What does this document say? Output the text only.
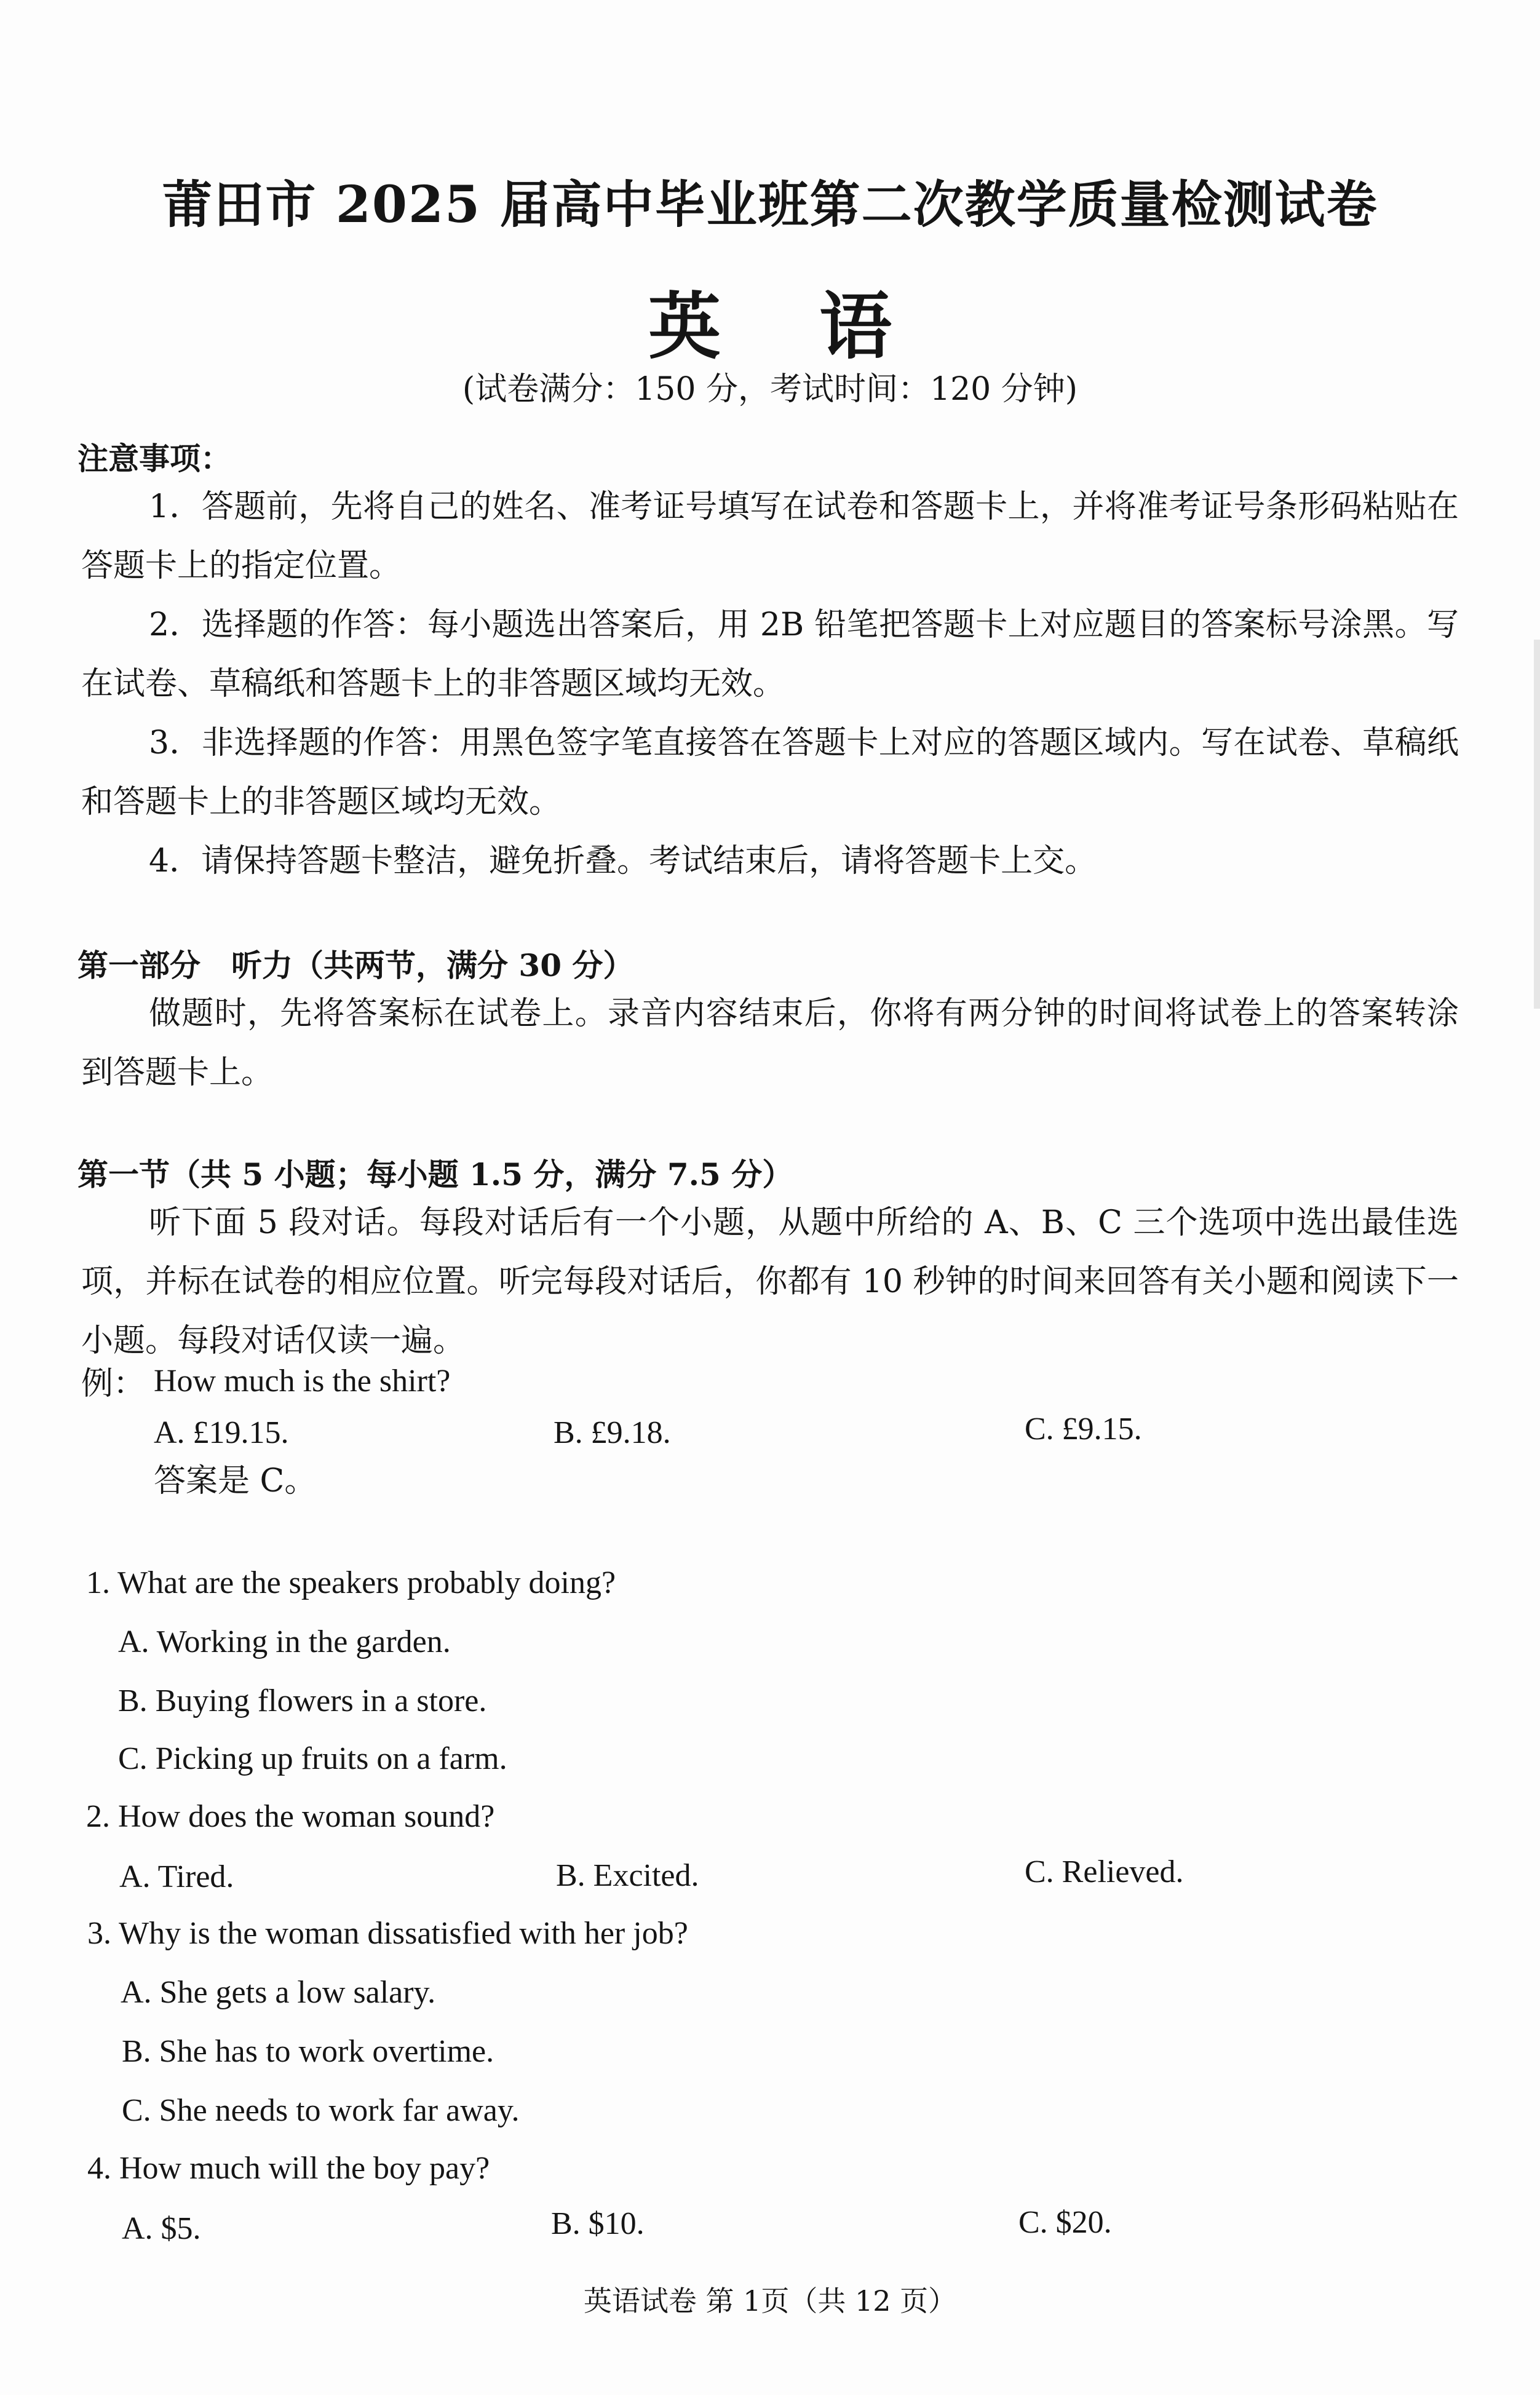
莆田市 2025 届高中毕业班第二次教学质量检测试卷
英语
(试卷满分：150 分，考试时间：120 分钟)
注意事项：

1．答题前，先将自己的姓名、准考证号填写在试卷和答题卡上，并将准考证号条形码粘贴在答题卡上的指定位置。

2．选择题的作答：每小题选出答案后，用 2B 铅笔把答题卡上对应题目的答案标号涂黑。写在试卷、草稿纸和答题卡上的非答题区域均无效。

3．非选择题的作答：用黑色签字笔直接答在答题卡上对应的答题区域内。写在试卷、草稿纸和答题卡上的非答题区域均无效。

4．请保持答题卡整洁，避免折叠。考试结束后，请将答题卡上交。

第一部分　听力（共两节，满分 30 分）

做题时，先将答案标在试卷上。录音内容结束后，你将有两分钟的时间将试卷上的答案转涂到答题卡上。

第一节（共 5 小题；每小题 1.5 分，满分 7.5 分）

听下面 5 段对话。每段对话后有一个小题，从题中所给的 A、B、C 三个选项中选出最佳选项，并标在试卷的相应位置。听完每段对话后，你都有 10 秒钟的时间来回答有关小题和阅读下一小题。每段对话仅读一遍。

例： How much is the shirt?
A. £19.15.	B. £9.18.	C. £9.15.
答案是 C。
1. What are the speakers probably doing?
A. Working in the garden.
B. Buying flowers in a store.
C. Picking up fruits on a farm.
2. How does the woman sound?
A. Tired.	B. Excited.	C. Relieved.
3. Why is the woman dissatisfied with her job?
A. She gets a low salary.
B. She has to work overtime.
C. She needs to work far away.
4. How much will the boy pay?
A. $5.	B. $10.	C. $20.
英语试卷 第 1页（共 12 页）
